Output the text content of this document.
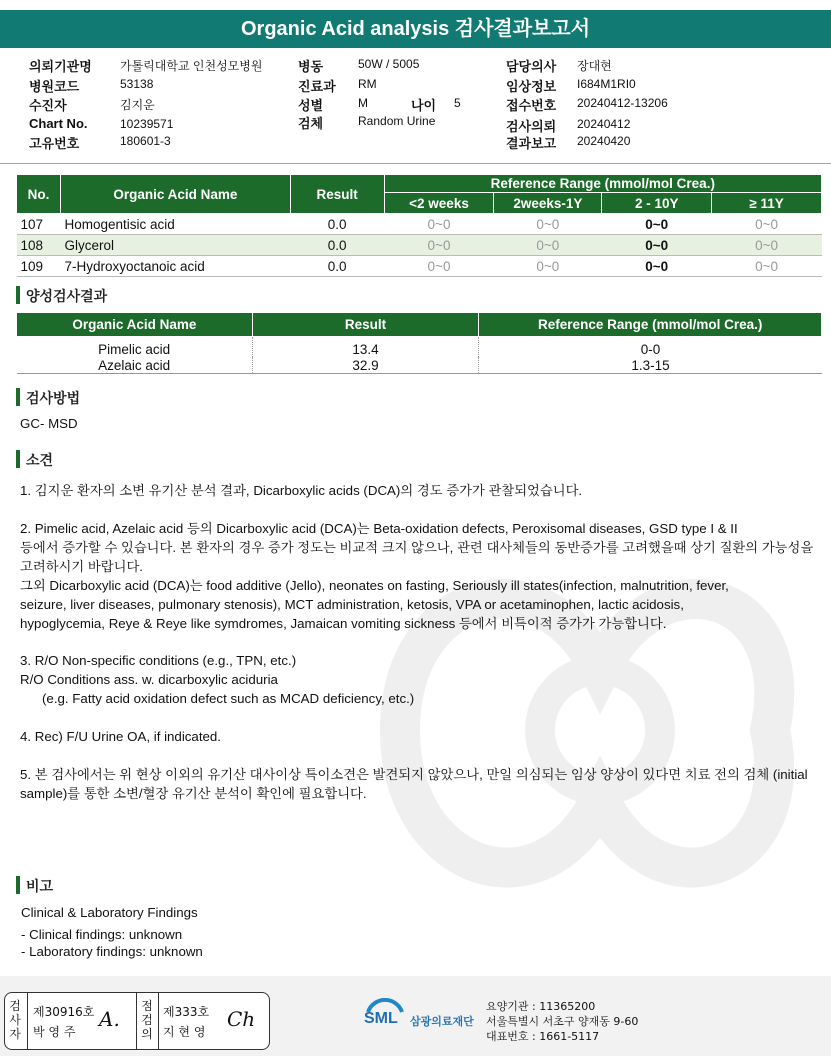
Organic Acid analysis 검사결과보고서
의뢰기관명 가톨릭대학교 인천성모병원
병원코드	53138
수진자	김지운
Chart No.	10239571
고유번호	180601-3
병동	50W / 5005
진료과 RM
성별	M	나이 5
검체	Random Urine
담당의사 장대현
임상정보 I684M1RI0
접수번호 20240412-13206
검사의뢰 20240412
결과보고 20240420
No.	Organic Acid Name	Result	Reference Range (mmol/mol Crea.)			
			<2 weeks	2weeks-1Y	2 - 10Y	≥ 11Y
107	Homogentisic acid	0.0	0~0	0~0	0~0	0~0
108	Glycerol	0.0	0~0	0~0	0~0	0~0
109	7-Hydroxyoctanoic acid	0.0	0~0	0~0	0~0	0~0
양성검사결과
Organic Acid Name	Result	Reference Range (mmol/mol Crea.)
Pimelic acid	13.4	0-0
Azelaic acid	32.9	1.3-15
검사방법
GC- MSD
소견
1. 김지운 환자의 소변 유기산 분석 결과, Dicarboxylic acids (DCA)의 경도 증가가 관찰되었습니다.
2. Pimelic acid, Azelaic acid 등의 Dicarboxylic acid (DCA)는 Beta-oxidation defects, Peroxisomal diseases, GSD type I & II
등에서 증가할 수 있습니다. 본 환자의 경우 증가 정도는 비교적 크지 않으나, 관련 대사체들의 동반증가를 고려했을때 상기 질환의 가능성을
고려하시기 바랍니다.
그외 Dicarboxylic acid (DCA)는 food additive (Jello), neonates on fasting, Seriously ill states(infection, malnutrition, fever,
seizure, liver diseases, pulmonary stenosis), MCT administration, ketosis, VPA or acetaminophen, lactic acidosis,
hypoglycemia, Reye & Reye like symdromes, Jamaican vomiting sickness 등에서 비특이적 증가가 가능합니다.
3. R/O Non-specific conditions (e.g., TPN, etc.)
R/O Conditions ass. w. dicarboxylic aciduria
(e.g. Fatty acid oxidation defect such as MCAD deficiency, etc.)
4. Rec) F/U Urine OA, if indicated.
5. 본 검사에서는 위 현상 이외의 유기산 대사이상 특이소견은 발견되지 않았으나, 만일 의심되는 임상 양상이 있다면 치료 전의 검체 (initial
sample)를 통한 소변/혈장 유기산 분석이 확인에 필요합니다.
비고
Clinical & Laboratory Findings
- Clinical findings: unknown
- Laboratory findings: unknown
검사자
제30916호
박 영 주
A.
점검의
제333호
지 현 영
Ch	SML 삼광의료재단
요양기관 : 11365200
서울특별시 서초구 양재동 9-60
대표번호 : 1661-5117
